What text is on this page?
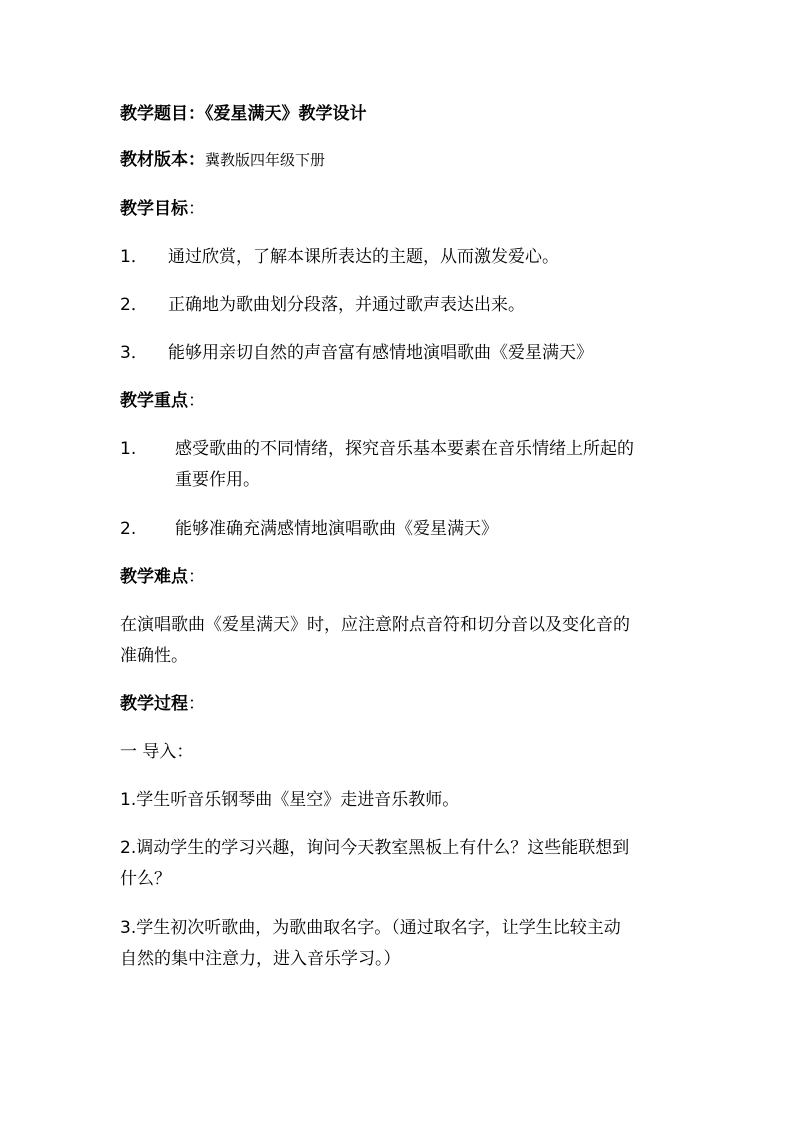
教学题目：《爱星满天》教学设计
教材版本：冀教版四年级下册
教学目标：
1． 通过欣赏，了解本课所表达的主题，从而激发爱心。
2． 正确地为歌曲划分段落，并通过歌声表达出来。
3． 能够用亲切自然的声音富有感情地演唱歌曲《爱星满天》
教学重点：
1. 感受歌曲的不同情绪，探究音乐基本要素在音乐情绪上所起的
重要作用。
2. 能够准确充满感情地演唱歌曲《爱星满天》
教学难点：
在演唱歌曲《爱星满天》时，应注意附点音符和切分音以及变化音的
准确性。
教学过程：
一 导入：
1.学生听音乐钢琴曲《星空》走进音乐教师。
2.调动学生的学习兴趣，询问今天教室黑板上有什么？这些能联想到
什么？
3.学生初次听歌曲，为歌曲取名字。（通过取名字，让学生比较主动
自然的集中注意力，进入音乐学习。）
